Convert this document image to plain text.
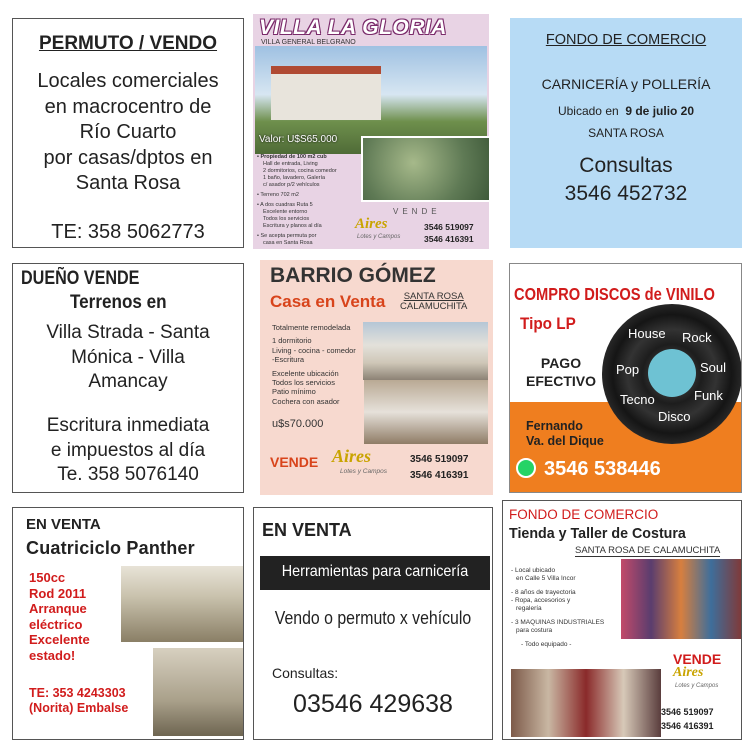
PERMUTO / VENDO
Locales comerciales
en macrocentro de
Río Cuarto
por casas/dptos en
Santa Rosa
TE: 358 5062773
VILLA LA GLORIA
VILLA GENERAL BELGRANO
Valor: U$S65.000
• Propiedad de 100 m2 cub
Hall de entrada, Living
2 dormitorios, cocina comedor
1 baño, lavadero, Galería
c/ asador p/2 vehículos
• Terreno 702 m2
• A dos cuadras Ruta 5
Excelente entorno
Todos los servicios
Escritura y planos al día
• Se acepta permuta por
casa en Santa Rosa
VENDE
Aires
Lotes y Campos
3546 519097
3546 416391
FONDO DE COMERCIO
CARNICERÍA y POLLERÍA
Ubicado en 9 de julio 20
SANTA ROSA
Consultas
3546 452732
DUEÑO VENDE
Terrenos en
Villa Strada - Santa
Mónica - Villa
Amancay
Escritura inmediata
e impuestos al día
Te. 358 5076140
BARRIO GÓMEZ
Casa en Venta	SANTA ROSA
CALAMUCHITA
Totalmente remodelada
1 dormitorio
Living - cocina - comedor
-Escritura
Excelente ubicación
Todos los servicios
Patio mínimo
Cochera con asador
u$s70.000
VENDE Aires
Lotes y Campos
3546 519097
3546 416391
COMPRO DISCOS de VINILO
Tipo LP
House Rock
Pop	Soul
Tecno	Funk
Disco
PAGO
EFECTIVO
Fernando
Va. del Dique
3546 538446
EN VENTA
Cuatriciclo Panther
150cc
Rod 2011
Arranque
eléctrico
Excelente
estado!
TE: 353 4243303
(Norita) Embalse
EN VENTA
Herramientas para carnicería
Vendo o permuto x vehículo
Consultas:
03546 429638
FONDO DE COMERCIO
Tienda y Taller de Costura
SANTA ROSA DE CALAMUCHITA
- Local ubicado
en Calle 5 Villa Incor
- 8 años de trayectoria
- Ropa, accesorios y
regalería
- 3 MAQUINAS INDUSTRIALES
para costura
- Todo equipado -
VENDE
Aires
Lotes y Campos
3546 519097
3546 416391
